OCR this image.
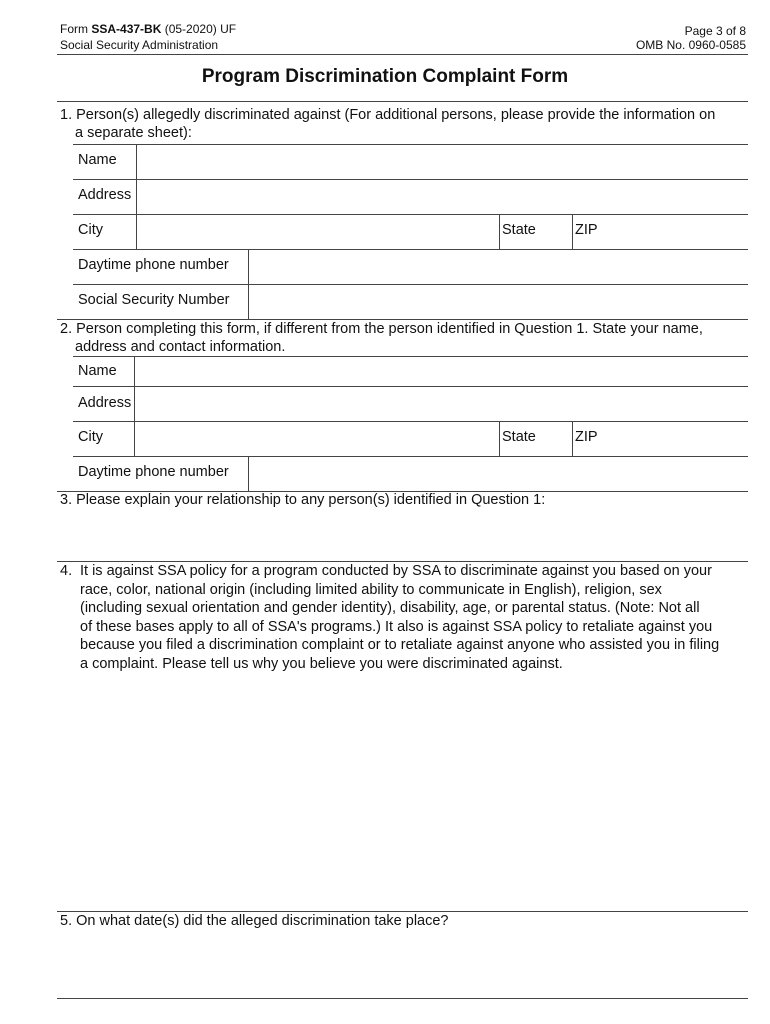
Form SSA-437-BK (05-2020) UF
Social Security Administration
Page 3 of 8
OMB No. 0960-0585
Program Discrimination Complaint Form
1. Person(s) allegedly discriminated against (For additional persons, please provide the information on
a separate sheet):
Name
Address
City	State	ZIP
Daytime phone number
Social Security Number
2. Person completing this form, if different from the person identified in Question 1. State your name,
address and contact information.
Name
Address
City	State	ZIP
Daytime phone number
3. Please explain your relationship to any person(s) identified in Question 1:
4. It is against SSA policy for a program conducted by SSA to discriminate against you based on your
race, color, national origin (including limited ability to communicate in English), religion, sex
(including sexual orientation and gender identity), disability, age, or parental status. (Note: Not all
of these bases apply to all of SSA's programs.) It also is against SSA policy to retaliate against you
because you filed a discrimination complaint or to retaliate against anyone who assisted you in filing
a complaint. Please tell us why you believe you were discriminated against.
5. On what date(s) did the alleged discrimination take place?
